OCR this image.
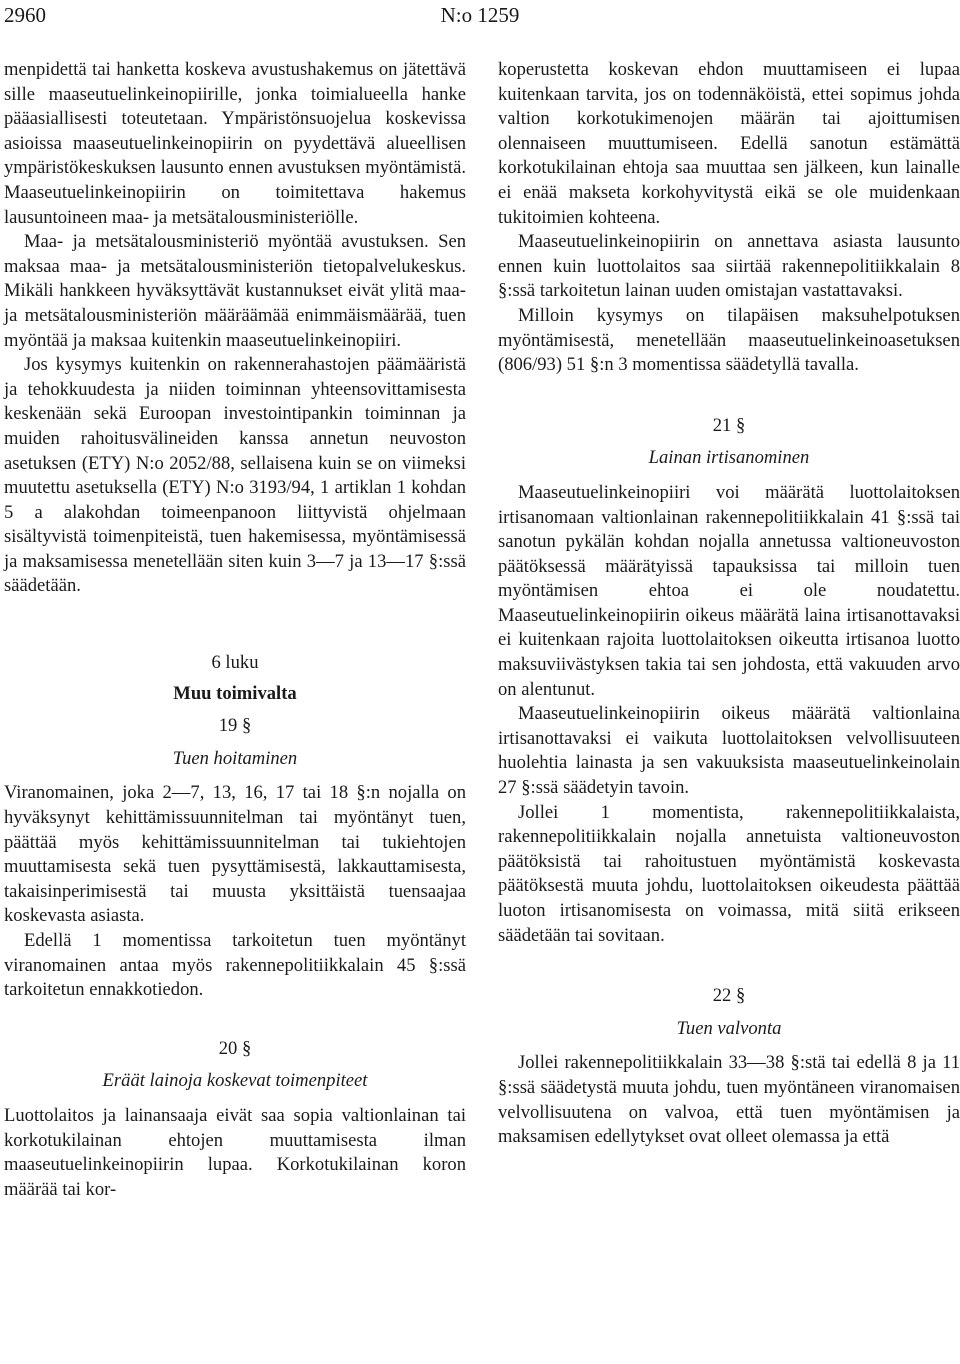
2960	N:o 1259

menpidettä tai hanketta koskeva avustushakemus on jätettävä sille maaseutuelinkeinopiirille, jonka toimialueella hanke pääasiallisesti toteutetaan. Ympäristönsuojelua koskevissa asioissa maaseutuelinkeinopiirin on pyydettävä alueellisen ympäristökeskuksen lausunto ennen avustuksen myöntämistä. Maaseutuelinkeinopiirin on toimitettava hakemus lausuntoineen maa- ja metsätalousministeriölle.

Maa- ja metsätalousministeriö myöntää avustuksen. Sen maksaa maa- ja metsätalousministeriön tietopalvelukeskus. Mikäli hankkeen hyväksyttävät kustannukset eivät ylitä maa- ja metsätalousministeriön määräämää enimmäismäärää, tuen myöntää ja maksaa kuitenkin maaseutuelinkeinopiiri.

Jos kysymys kuitenkin on rakennerahastojen päämääristä ja tehokkuudesta ja niiden toiminnan yhteensovittamisesta keskenään sekä Euroopan investointipankin toiminnan ja muiden rahoitusvälineiden kanssa annetun neuvoston asetuksen (ETY) N:o 2052/88, sellaisena kuin se on viimeksi muutettu asetuksella (ETY) N:o 3193/94, 1 artiklan 1 kohdan 5 a alakohdan toimeenpanoon liittyvistä ohjelmaan sisältyvistä toimenpiteistä, tuen hakemisessa, myöntämisessä ja maksamisessa menetellään siten kuin 3—7 ja 13—17 §:ssä säädetään.

6 luku
Muu toimivalta
19 §
Tuen hoitaminen

Viranomainen, joka 2—7, 13, 16, 17 tai 18 §:n nojalla on hyväksynyt kehittämissuunnitelman tai myöntänyt tuen, päättää myös kehittämissuunnitelman tai tukiehtojen muuttamisesta sekä tuen pysyttämisestä, lakkauttamisesta, takaisinperimisestä tai muusta yksittäistä tuensaajaa koskevasta asiasta.

Edellä 1 momentissa tarkoitetun tuen myöntänyt viranomainen antaa myös rakennepolitiikkalain 45 §:ssä tarkoitetun ennakkotiedon.

20 §
Eräät lainoja koskevat toimenpiteet

Luottolaitos ja lainansaaja eivät saa sopia valtionlainan tai korkotukilainan ehtojen muuttamisesta ilman maaseutuelinkeinopiirin lupaa. Korkotukilainan koron määrää tai kor-

koperustetta koskevan ehdon muuttamiseen ei lupaa kuitenkaan tarvita, jos on todennäköistä, ettei sopimus johda valtion korkotukimenojen määrän tai ajoittumisen olennaiseen muuttumiseen. Edellä sanotun estämättä korkotukilainan ehtoja saa muuttaa sen jälkeen, kun lainalle ei enää makseta korkohyvitystä eikä se ole muidenkaan tukitoimien kohteena.

Maaseutuelinkeinopiirin on annettava asiasta lausunto ennen kuin luottolaitos saa siirtää rakennepolitiikkalain 8 §:ssä tarkoitetun lainan uuden omistajan vastattavaksi.

Milloin kysymys on tilapäisen maksuhelpotuksen myöntämisestä, menetellään maaseutuelinkeinoasetuksen (806/93) 51 §:n 3 momentissa säädetyllä tavalla.

21 §
Lainan irtisanominen

Maaseutuelinkeinopiiri voi määrätä luottolaitoksen irtisanomaan valtionlainan rakennepolitiikkalain 41 §:ssä tai sanotun pykälän kohdan nojalla annetussa valtioneuvoston päätöksessä määrätyissä tapauksissa tai milloin tuen myöntämisen ehtoa ei ole noudatettu. Maaseutuelinkeinopiirin oikeus määrätä laina irtisanottavaksi ei kuitenkaan rajoita luottolaitoksen oikeutta irtisanoa luotto maksuviivästyksen takia tai sen johdosta, että vakuuden arvo on alentunut.

Maaseutuelinkeinopiirin oikeus määrätä valtionlaina irtisanottavaksi ei vaikuta luottolaitoksen velvollisuuteen huolehtia lainasta ja sen vakuuksista maaseutuelinkeinolain 27 §:ssä säädetyin tavoin.

Jollei 1 momentista, rakennepolitiikkalaista, rakennepolitiikkalain nojalla annetuista valtioneuvoston päätöksistä tai rahoitustuen myöntämistä koskevasta päätöksestä muuta johdu, luottolaitoksen oikeudesta päättää luoton irtisanomisesta on voimassa, mitä siitä erikseen säädetään tai sovitaan.

22 §
Tuen valvonta

Jollei rakennepolitiikkalain 33—38 §:stä tai edellä 8 ja 11 §:ssä säädetystä muuta johdu, tuen myöntäneen viranomaisen velvollisuutena on valvoa, että tuen myöntämisen ja maksamisen edellytykset ovat olleet olemassa ja että
